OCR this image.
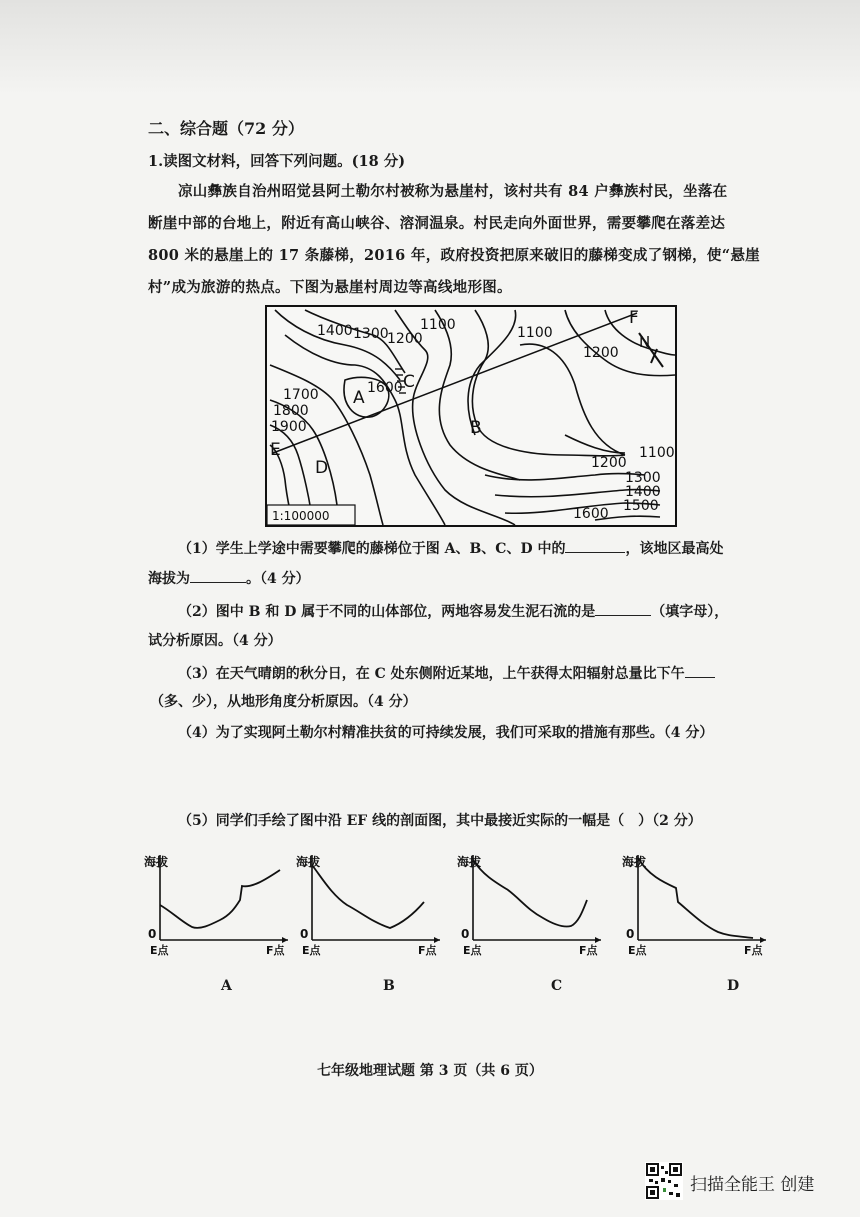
二、综合题（72 分）
1.读图文材料，回答下列问题。(18 分)
凉山彝族自治州昭觉县阿土勒尔村被称为悬崖村，该村共有 84 户彝族村民，坐落在
断崖中部的台地上，附近有高山峡谷、溶洞温泉。村民走向外面世界，需要攀爬在落差达
800 米的悬崖上的 17 条藤梯，2016 年，政府投资把原来破旧的藤梯变成了钢梯，使“悬崖
村”成为旅游的热点。下图为悬崖村周边等高线地形图。
1400 1300
1200
1100	1100
1200
1600
1700
1800
1900
1100
1200
1300
1400
1500
1600
A
B
C
D
E
F
N
1:100000
（1）学生上学途中需要攀爬的藤梯位于图 A、B、C、D 中的	，该地区最高处
海拔为	。（4 分）
（2）图中 B 和 D 属于不同的山体部位，两地容易发生泥石流的是	（填字母），
试分析原因。（4 分）
（3）在天气晴朗的秋分日，在 C 处东侧附近某地，上午获得太阳辐射总量比下午
（多、少），从地形角度分析原因。（4 分）
（4）为了实现阿土勒尔村精准扶贫的可持续发展，我们可采取的措施有那些。（4 分）
（5）同学们手绘了图中沿 EF 线的剖面图，其中最接近实际的一幅是（　）（2 分）
海拔
0
E点	F点
海拔
0
E点	F点
海拔
0
E点	F点
海拔
0
E点	F点
A	B	C	D
七年级地理试题 第 3 页（共 6 页）
扫描全能王 创建
